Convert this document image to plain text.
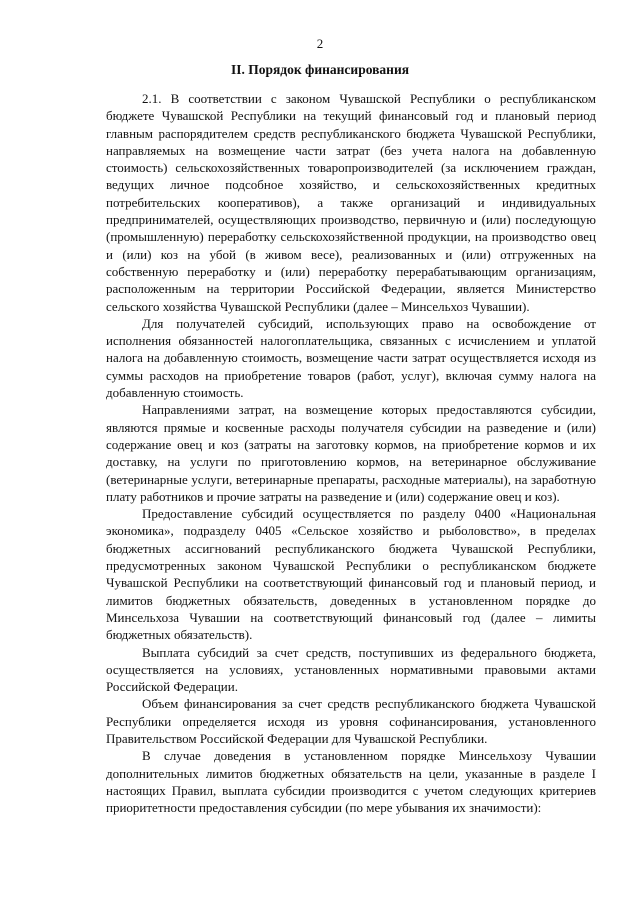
2
II. Порядок финансирования

2.1. В соответствии с законом Чувашской Республики о республиканском бюджете Чувашской Республики на текущий финансовый год и плановый период главным распорядителем средств республиканского бюджета Чувашской Республики, направляемых на возмещение части затрат (без учета налога на добавленную стоимость) сельскохозяйственных товаропроизводителей (за исключением граждан, ведущих личное подсобное хозяйство, и сельскохозяйственных кредитных потребительских кооперативов), а также организаций и индивидуальных предпринимателей, осуществляющих производство, первичную и (или) последующую (промышленную) переработку сельскохозяйственной продукции, на производство овец и (или) коз на убой (в живом весе), реализованных и (или) отгруженных на собственную переработку и (или) переработку перерабатывающим организациям, расположенным на территории Российской Федерации, является Министерство сельского хозяйства Чувашской Республики (далее – Минсельхоз Чувашии).

Для получателей субсидий, использующих право на освобождение от исполнения обязанностей налогоплательщика, связанных с исчислением и уплатой налога на добавленную стоимость, возмещение части затрат осуществляется исходя из суммы расходов на приобретение товаров (работ, услуг), включая сумму налога на добавленную стоимость.

Направлениями затрат, на возмещение которых предоставляются субсидии, являются прямые и косвенные расходы получателя субсидии на разведение и (или) содержание овец и коз (затраты на заготовку кормов, на приобретение кормов и их доставку, на услуги по приготовлению кормов, на ветеринарное обслуживание (ветеринарные услуги, ветеринарные препараты, расходные материалы), на заработную плату работников и прочие затраты на разведение и (или) содержание овец и коз).

Предоставление субсидий осуществляется по разделу 0400 «Национальная экономика», подразделу 0405 «Сельское хозяйство и рыболовство», в пределах бюджетных ассигнований республиканского бюджета Чувашской Республики, предусмотренных законом Чувашской Республики о республиканском бюджете Чувашской Республики на соответствующий финансовый год и плановый период, и лимитов бюджетных обязательств, доведенных в установленном порядке до Минсельхоза Чувашии на соответствующий финансовый год (далее – лимиты бюджетных обязательств).

Выплата субсидий за счет средств, поступивших из федерального бюджета, осуществляется на условиях, установленных нормативными правовыми актами Российской Федерации.

Объем финансирования за счет средств республиканского бюджета Чувашской Республики определяется исходя из уровня софинансирования, установленного Правительством Российской Федерации для Чувашской Республики.

В случае доведения в установленном порядке Минсельхозу Чувашии дополнительных лимитов бюджетных обязательств на цели, указанные в разделе I настоящих Правил, выплата субсидии производится с учетом следующих критериев приоритетности предоставления субсидии (по мере убывания их значимости):
